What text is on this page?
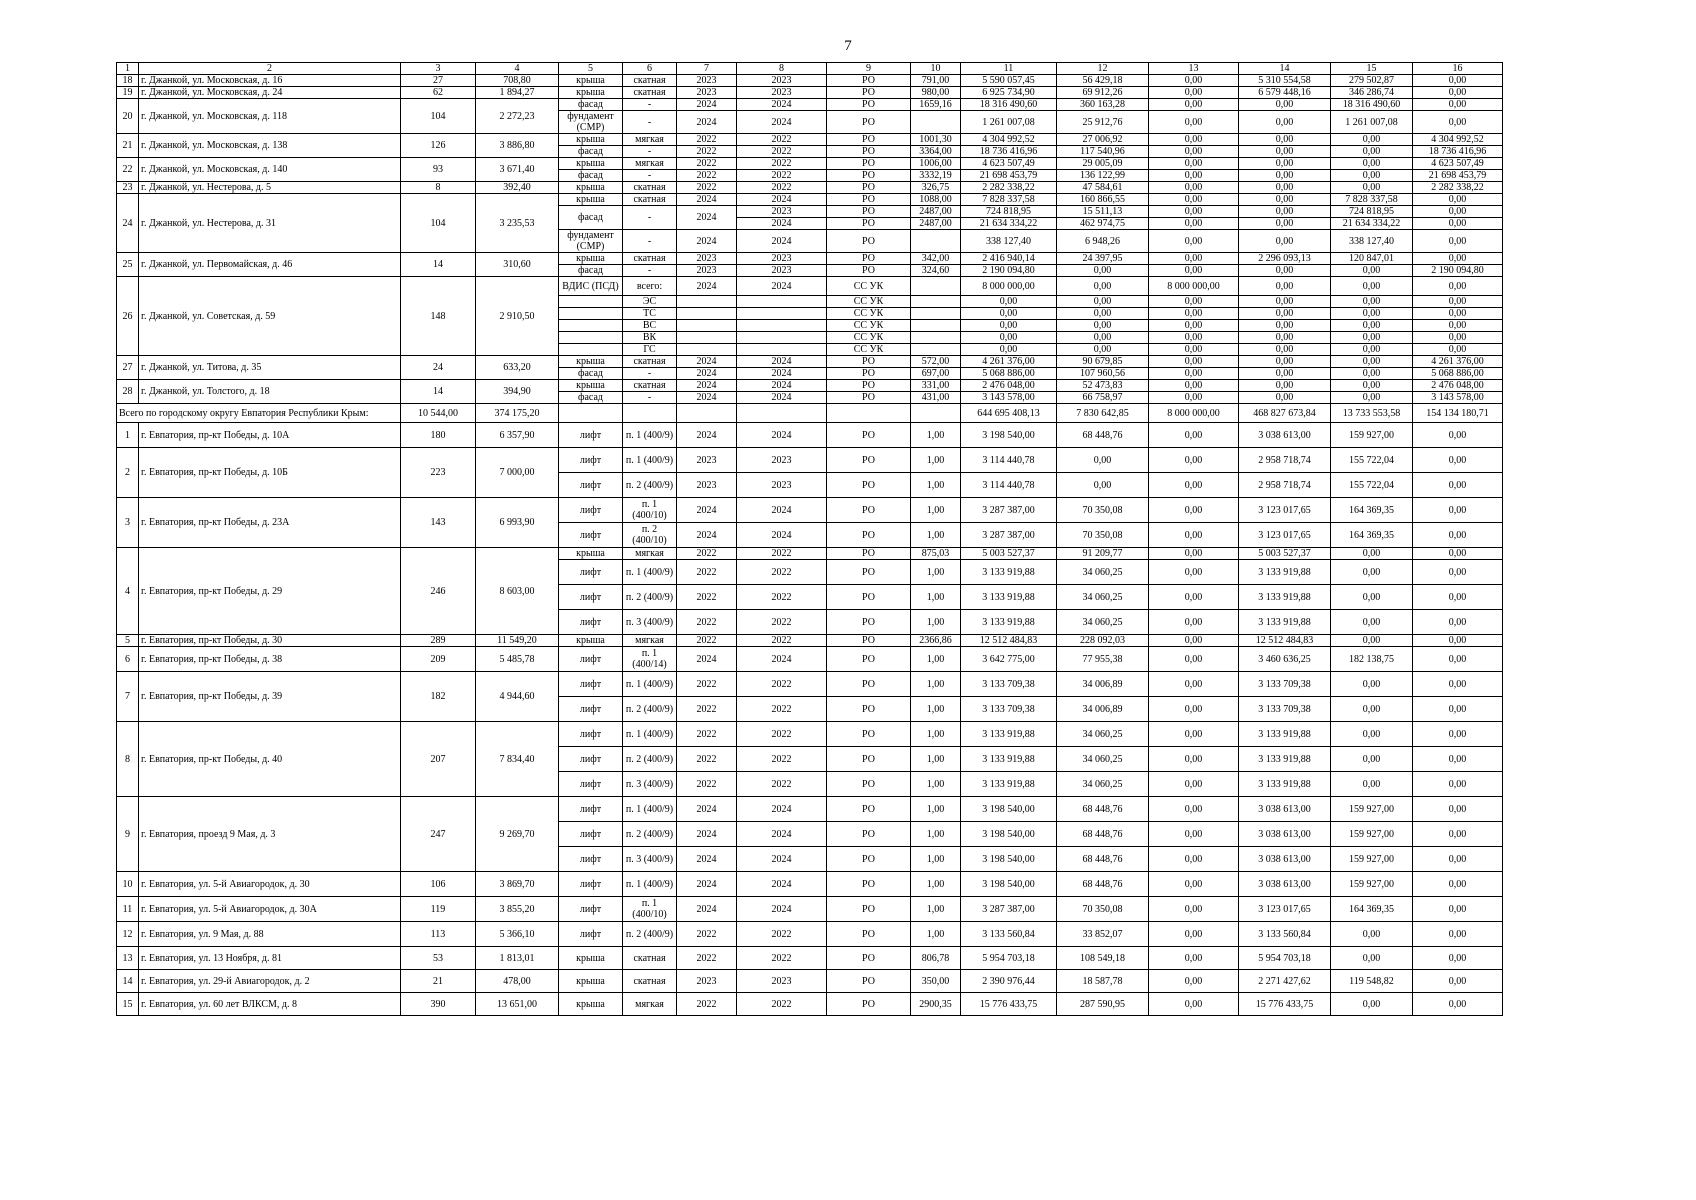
7
1	2	3	4	5	6	7	8	9	10	11	12	13	14	15	16
18	г. Джанкой, ул. Московская, д. 16	27	708,80	крыша	скатная	2023	2023	РО	791,00	5 590 057,45	56 429,18	0,00	5 310 554,58	279 502,87	0,00
19	г. Джанкой, ул. Московская, д. 24	62	1 894,27	крыша	скатная	2023	2023	РО	980,00	6 925 734,90	69 912,26	0,00	6 579 448,16	346 286,74	0,00
20	г. Джанкой, ул. Московская, д. 118	104	2 272,23	фасад	-	2024	2024	РО	1659,16	18 316 490,60	360 163,28	0,00	0,00	18 316 490,60	0,00
				фундамент (СМР)	-	2024	2024	РО		1 261 007,08	25 912,76	0,00	0,00	1 261 007,08	0,00
21	г. Джанкой, ул. Московская, д. 138	126	3 886,80	крыша	мягкая	2022	2022	РО	1001,30	4 304 992,52	27 006,92	0,00	0,00	0,00	4 304 992,52
				фасад	-	2022	2022	РО	3364,00	18 736 416,96	117 540,96	0,00	0,00	0,00	18 736 416,96
22	г. Джанкой, ул. Московская, д. 140	93	3 671,40	крыша	мягкая	2022	2022	РО	1006,00	4 623 507,49	29 005,09	0,00	0,00	0,00	4 623 507,49
				фасад	-	2022	2022	РО	3332,19	21 698 453,79	136 122,99	0,00	0,00	0,00	21 698 453,79
23	г. Джанкой, ул. Нестерова, д. 5	8	392,40	крыша	скатная	2022	2022	РО	326,75	2 282 338,22	47 584,61	0,00	0,00	0,00	2 282 338,22
24	г. Джанкой, ул. Нестерова, д. 31	104	3 235,53	крыша	скатная	2024	2024	РО	1088,00	7 828 337,58	160 866,55	0,00	0,00	7 828 337,58	0,00
				фасад	-	2024	2023	РО	2487,00	724 818,95	15 511,13	0,00	0,00	724 818,95	0,00
							2024	РО	2487,00	21 634 334,22	462 974,75	0,00	0,00	21 634 334,22	0,00
				фундамент (СМР)	-	2024	2024	РО		338 127,40	6 948,26	0,00	0,00	338 127,40	0,00
25	г. Джанкой, ул. Первомайская, д. 46	14	310,60	крыша	скатная	2023	2023	РО	342,00	2 416 940,14	24 397,95	0,00	2 296 093,13	120 847,01	0,00
				фасад	-	2023	2023	РО	324,60	2 190 094,80	0,00	0,00	0,00	0,00	2 190 094,80
26	г. Джанкой, ул. Советская, д. 59	148	2 910,50	ВДИС (ПСД)	всего:	2024	2024	СС УК		8 000 000,00	0,00	8 000 000,00	0,00	0,00	0,00
					ЭС			СС УК		0,00	0,00	0,00	0,00	0,00	0,00
					ТС			СС УК		0,00	0,00	0,00	0,00	0,00	0,00
					ВС			СС УК		0,00	0,00	0,00	0,00	0,00	0,00
					ВК			СС УК		0,00	0,00	0,00	0,00	0,00	0,00
					ГС			СС УК		0,00	0,00	0,00	0,00	0,00	0,00
27	г. Джанкой, ул. Титова, д. 35	24	633,20	крыша	скатная	2024	2024	РО	572,00	4 261 376,00	90 679,85	0,00	0,00	0,00	4 261 376,00
				фасад	-	2024	2024	РО	697,00	5 068 886,00	107 960,56	0,00	0,00	0,00	5 068 886,00
28	г. Джанкой, ул. Толстого, д. 18	14	394,90	крыша	скатная	2024	2024	РО	331,00	2 476 048,00	52 473,83	0,00	0,00	0,00	2 476 048,00
				фасад	-	2024	2024	РО	431,00	3 143 578,00	66 758,97	0,00	0,00	0,00	3 143 578,00
Всего по городскому округу Евпатория Республики Крым:		10 544,00	374 175,20							644 695 408,13	7 830 642,85	8 000 000,00	468 827 673,84	13 733 553,58	154 134 180,71
1	г. Евпатория, пр-кт Победы, д. 10А	180	6 357,90	лифт	п. 1 (400/9)	2024	2024	РО	1,00	3 198 540,00	68 448,76	0,00	3 038 613,00	159 927,00	0,00
2	г. Евпатория, пр-кт Победы, д. 10Б	223	7 000,00	лифт	п. 1 (400/9)	2023	2023	РО	1,00	3 114 440,78	0,00	0,00	2 958 718,74	155 722,04	0,00
				лифт	п. 2 (400/9)	2023	2023	РО	1,00	3 114 440,78	0,00	0,00	2 958 718,74	155 722,04	0,00
3	г. Евпатория, пр-кт Победы, д. 23А	143	6 993,90	лифт	п. 1 (400/10)	2024	2024	РО	1,00	3 287 387,00	70 350,08	0,00	3 123 017,65	164 369,35	0,00
				лифт	п. 2 (400/10)	2024	2024	РО	1,00	3 287 387,00	70 350,08	0,00	3 123 017,65	164 369,35	0,00
4	г. Евпатория, пр-кт Победы, д. 29	246	8 603,00	крыша	мягкая	2022	2022	РО	875,03	5 003 527,37	91 209,77	0,00	5 003 527,37	0,00	0,00
				лифт	п. 1 (400/9)	2022	2022	РО	1,00	3 133 919,88	34 060,25	0,00	3 133 919,88	0,00	0,00
				лифт	п. 2 (400/9)	2022	2022	РО	1,00	3 133 919,88	34 060,25	0,00	3 133 919,88	0,00	0,00
				лифт	п. 3 (400/9)	2022	2022	РО	1,00	3 133 919,88	34 060,25	0,00	3 133 919,88	0,00	0,00
5	г. Евпатория, пр-кт Победы, д. 30	289	11 549,20	крыша	мягкая	2022	2022	РО	2366,86	12 512 484,83	228 092,03	0,00	12 512 484,83	0,00	0,00
6	г. Евпатория, пр-кт Победы, д. 38	209	5 485,78	лифт	п. 1 (400/14)	2024	2024	РО	1,00	3 642 775,00	77 955,38	0,00	3 460 636,25	182 138,75	0,00
7	г. Евпатория, пр-кт Победы, д. 39	182	4 944,60	лифт	п. 1 (400/9)	2022	2022	РО	1,00	3 133 709,38	34 006,89	0,00	3 133 709,38	0,00	0,00
				лифт	п. 2 (400/9)	2022	2022	РО	1,00	3 133 709,38	34 006,89	0,00	3 133 709,38	0,00	0,00
8	г. Евпатория, пр-кт Победы, д. 40	207	7 834,40	лифт	п. 1 (400/9)	2022	2022	РО	1,00	3 133 919,88	34 060,25	0,00	3 133 919,88	0,00	0,00
				лифт	п. 2 (400/9)	2022	2022	РО	1,00	3 133 919,88	34 060,25	0,00	3 133 919,88	0,00	0,00
				лифт	п. 3 (400/9)	2022	2022	РО	1,00	3 133 919,88	34 060,25	0,00	3 133 919,88	0,00	0,00
9	г. Евпатория, проезд 9 Мая, д. 3	247	9 269,70	лифт	п. 1 (400/9)	2024	2024	РО	1,00	3 198 540,00	68 448,76	0,00	3 038 613,00	159 927,00	0,00
				лифт	п. 2 (400/9)	2024	2024	РО	1,00	3 198 540,00	68 448,76	0,00	3 038 613,00	159 927,00	0,00
				лифт	п. 3 (400/9)	2024	2024	РО	1,00	3 198 540,00	68 448,76	0,00	3 038 613,00	159 927,00	0,00
10	г. Евпатория, ул. 5-й Авиагородок, д. 30	106	3 869,70	лифт	п. 1 (400/9)	2024	2024	РО	1,00	3 198 540,00	68 448,76	0,00	3 038 613,00	159 927,00	0,00
11	г. Евпатория, ул. 5-й Авиагородок, д. 30А	119	3 855,20	лифт	п. 1 (400/10)	2024	2024	РО	1,00	3 287 387,00	70 350,08	0,00	3 123 017,65	164 369,35	0,00
12	г. Евпатория, ул. 9 Мая, д. 88	113	5 366,10	лифт	п. 2 (400/9)	2022	2022	РО	1,00	3 133 560,84	33 852,07	0,00	3 133 560,84	0,00	0,00
13	г. Евпатория, ул. 13 Ноября, д. 81	53	1 813,01	крыша	скатная	2022	2022	РО	806,78	5 954 703,18	108 549,18	0,00	5 954 703,18	0,00	0,00
14	г. Евпатория, ул. 29-й Авиагородок, д. 2	21	478,00	крыша	скатная	2023	2023	РО	350,00	2 390 976,44	18 587,78	0,00	2 271 427,62	119 548,82	0,00
15	г. Евпатория, ул. 60 лет ВЛКСМ, д. 8	390	13 651,00	крыша	мягкая	2022	2022	РО	2900,35	15 776 433,75	287 590,95	0,00	15 776 433,75	0,00	0,00
